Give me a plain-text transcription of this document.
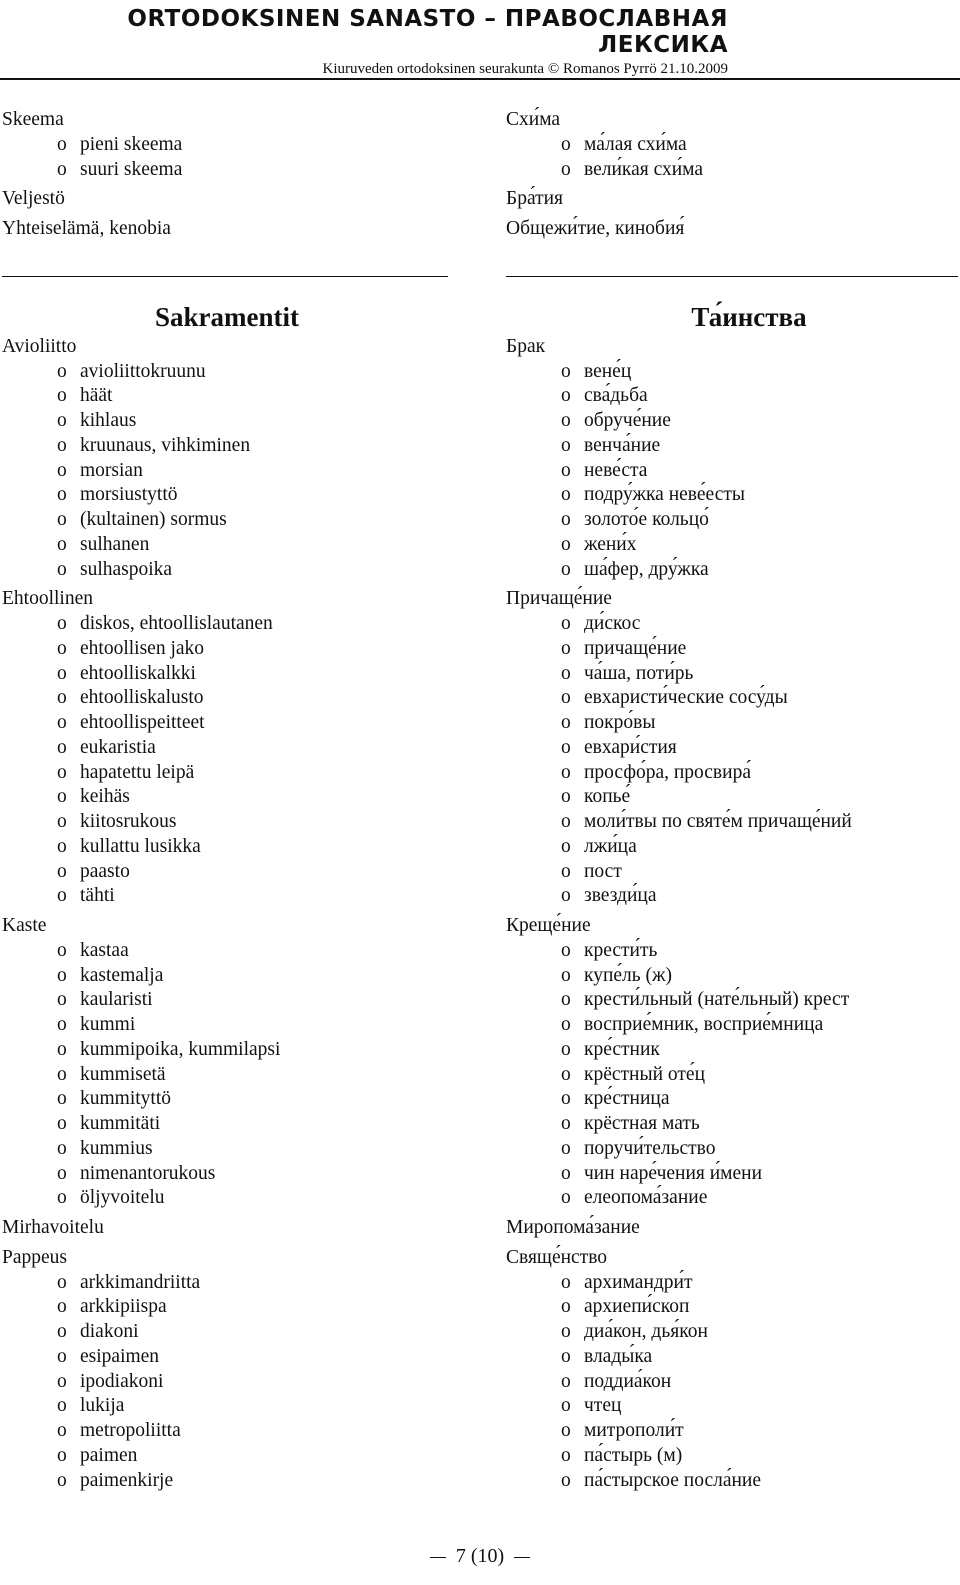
ORTODOKSINEN SANASTO – ПРАВОСЛАВНАЯ ЛЕКСИКА
Kiuruveden ortodoksinen seurakunta © Romanos Pyrrö 21.10.2009
Skeema
o pieni skeema
o suuri skeema
Veljestö
Yhteiselämä, kenobia
Sakramentit
Avioliitto
o avioliittokruunu
o häät
o kihlaus
o kruunaus, vihkiminen
o morsian
o morsiustyttö
o (kultainen) sormus
o sulhanen
o sulhaspoika
Ehtoollinen
o diskos, ehtoollislautanen
o ehtoollisen jako
o ehtoolliskalkki
o ehtoolliskalusto
o ehtoollispeitteet
o eukaristia
o hapatettu leipä
o keihäs
o kiitosrukous
o kullattu lusikka
o paasto
o tähti
Kaste
o kastaa
o kastemalja
o kaularisti
o kummi
o kummipoika, kummilapsi
o kummisetä
o kummityttö
o kummitäti
o kummius
o nimenantorukous
o öljyvoitelu
Mirhavoitelu
Pappeus
o arkkimandriitta
o arkkipiispa
o diakoni
o esipaimen
o ipodiakoni
o lukija
o metropoliitta
o paimen
o paimenkirje
Схи́ма
o ма́лая схи́ма
o вели́кая схи́ма
Бра́тия
Общежи́тие, кинобия́
Та́инства
Брак
o вене́ц
o сва́дьба
o обруче́ние
o венча́ние
o неве́ста
o подру́жка неве́есты
o золото́е кольцо́
o жени́х
o ша́фер, дру́жка
Причаще́ние
o ди́скос
o причаще́ние
o ча́ша, поти́рь
o евхаристи́ческие сосу́ды
o покро́вы
o евхари́стия
o просфо́ра, просвира́
o копье́
o моли́твы по святе́м причаще́ний
o лжи́ца
o пост
o звезди́ца
Креще́ние
o крести́ть
o купе́ль (ж)
o крести́льный (нате́льный) крест
o восприе́мник, восприе́мница
o кре́стник
o крёстный оте́ц
o кре́стница
o крёстная мать
o поручи́тельство
o чин наре́чения и́мени
o елеопома́зание
Миропома́зание
Свяще́нство
o архимандри́т
o архиепи́скоп
o диа́кон, дья́кон
o влады́ка
o поддиа́кон
o чтец
o митрополи́т
o па́стырь (м)
o па́стырское посла́ние
7 (10)
